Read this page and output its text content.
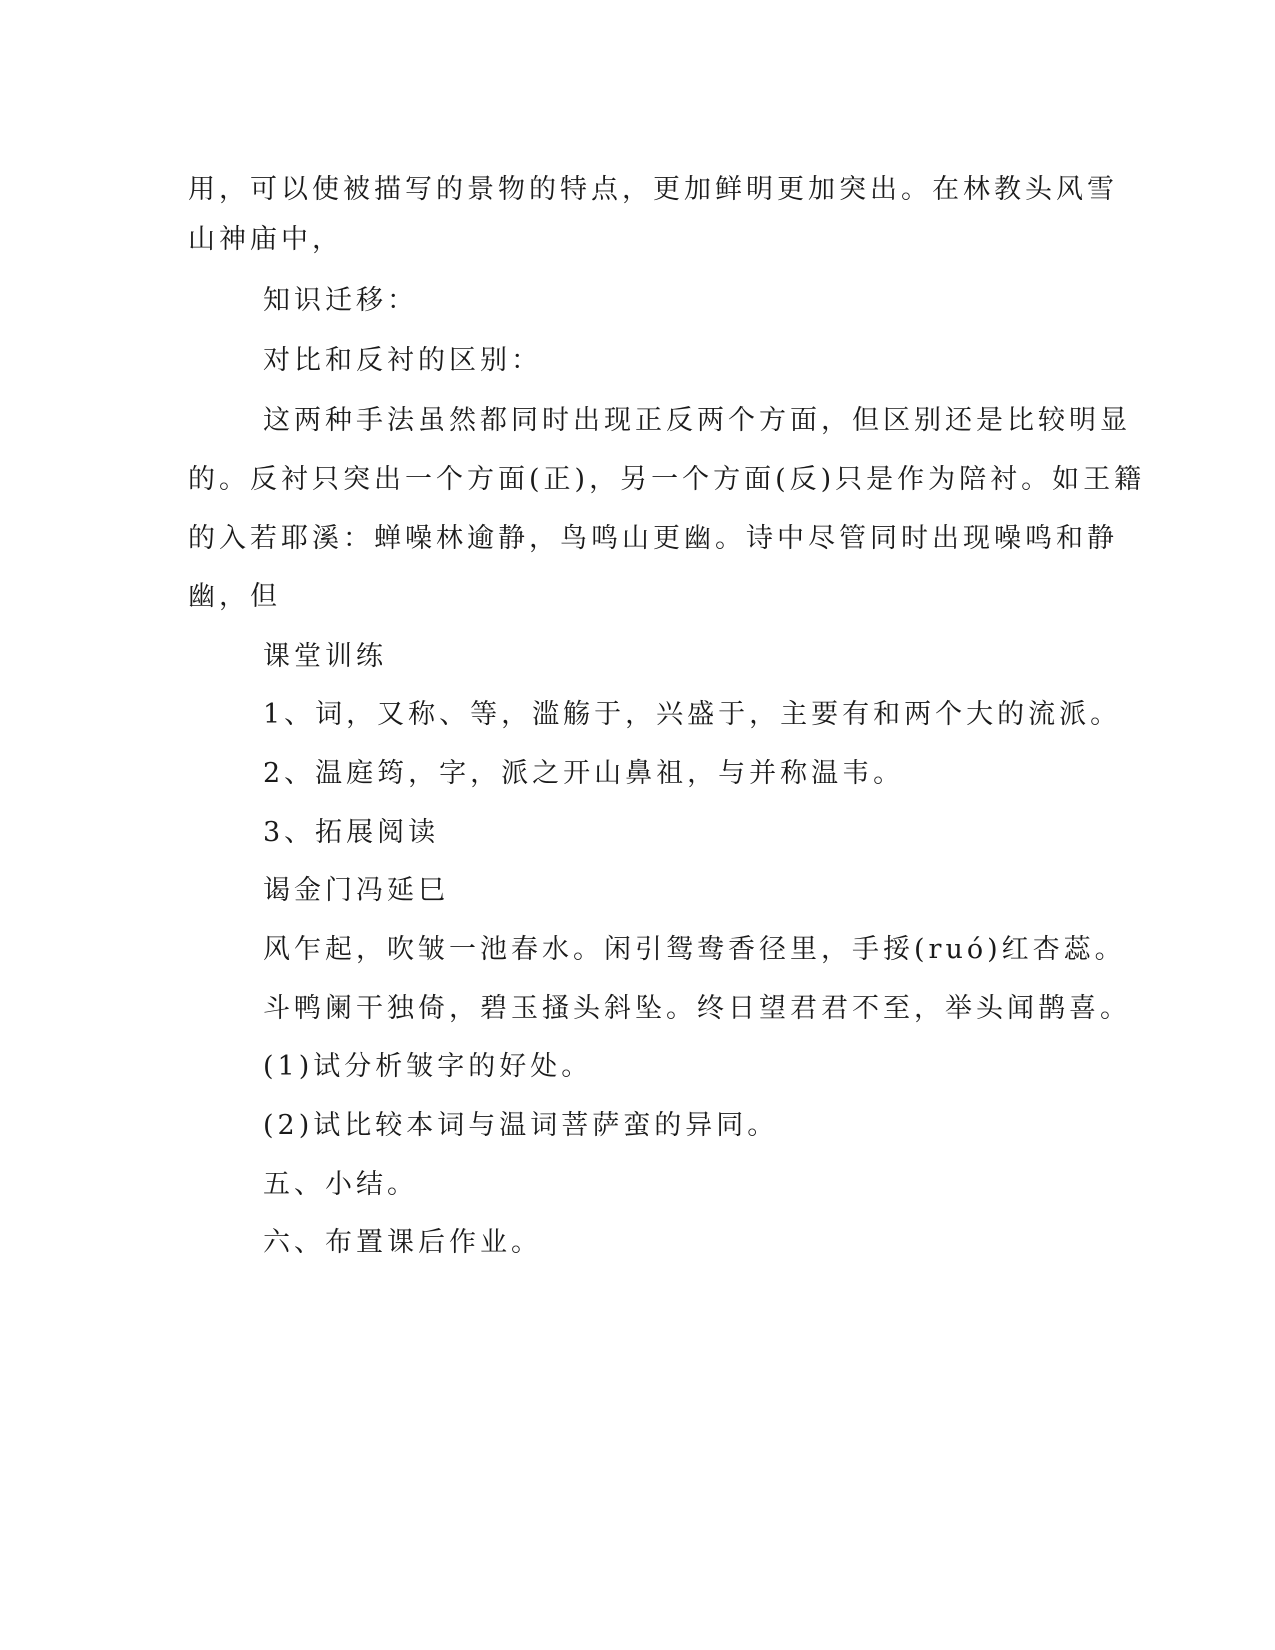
用，可以使被描写的景物的特点，更加鲜明更加突出。在林教头风雪
山神庙中，
知识迁移：
对比和反衬的区别：
这两种手法虽然都同时出现正反两个方面，但区别还是比较明显
的。反衬只突出一个方面(正)，另一个方面(反)只是作为陪衬。如王籍
的入若耶溪：蝉噪林逾静，鸟鸣山更幽。诗中尽管同时出现噪鸣和静
幽，但
课堂训练
1、词，又称、等，滥觞于，兴盛于，主要有和两个大的流派。
2、温庭筠，字，派之开山鼻祖，与并称温韦。
3、拓展阅读
谒金门冯延巳
风乍起，吹皱一池春水。闲引鸳鸯香径里，手挼(ruó)红杏蕊。
斗鸭阑干独倚，碧玉搔头斜坠。终日望君君不至，举头闻鹊喜。
(1)试分析皱字的好处。
(2)试比较本词与温词菩萨蛮的异同。
五、小结。
六、布置课后作业。
